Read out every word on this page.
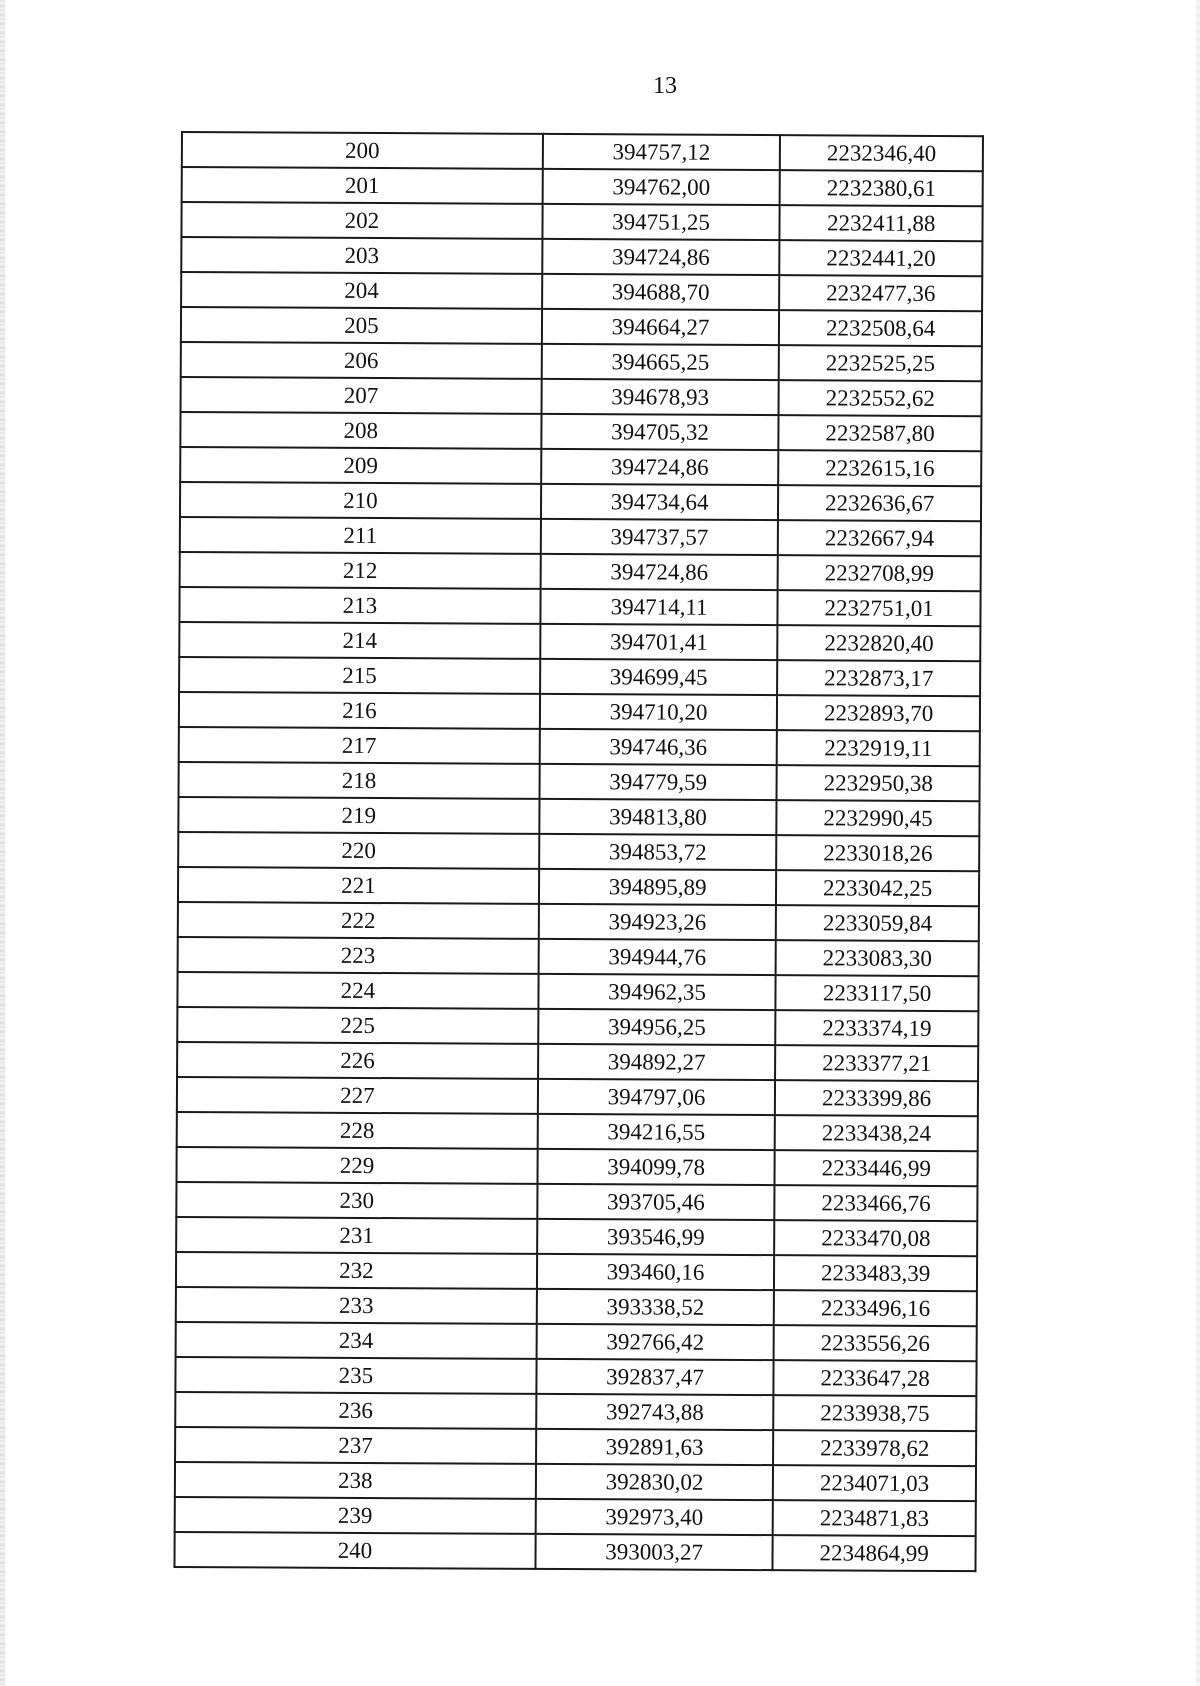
13
200	394757,12	2232346,40
201	394762,00	2232380,61
202	394751,25	2232411,88
203	394724,86	2232441,20
204	394688,70	2232477,36
205	394664,27	2232508,64
206	394665,25	2232525,25
207	394678,93	2232552,62
208	394705,32	2232587,80
209	394724,86	2232615,16
210	394734,64	2232636,67
211	394737,57	2232667,94
212	394724,86	2232708,99
213	394714,11	2232751,01
214	394701,41	2232820,40
215	394699,45	2232873,17
216	394710,20	2232893,70
217	394746,36	2232919,11
218	394779,59	2232950,38
219	394813,80	2232990,45
220	394853,72	2233018,26
221	394895,89	2233042,25
222	394923,26	2233059,84
223	394944,76	2233083,30
224	394962,35	2233117,50
225	394956,25	2233374,19
226	394892,27	2233377,21
227	394797,06	2233399,86
228	394216,55	2233438,24
229	394099,78	2233446,99
230	393705,46	2233466,76
231	393546,99	2233470,08
232	393460,16	2233483,39
233	393338,52	2233496,16
234	392766,42	2233556,26
235	392837,47	2233647,28
236	392743,88	2233938,75
237	392891,63	2233978,62
238	392830,02	2234071,03
239	392973,40	2234871,83
240	393003,27	2234864,99
